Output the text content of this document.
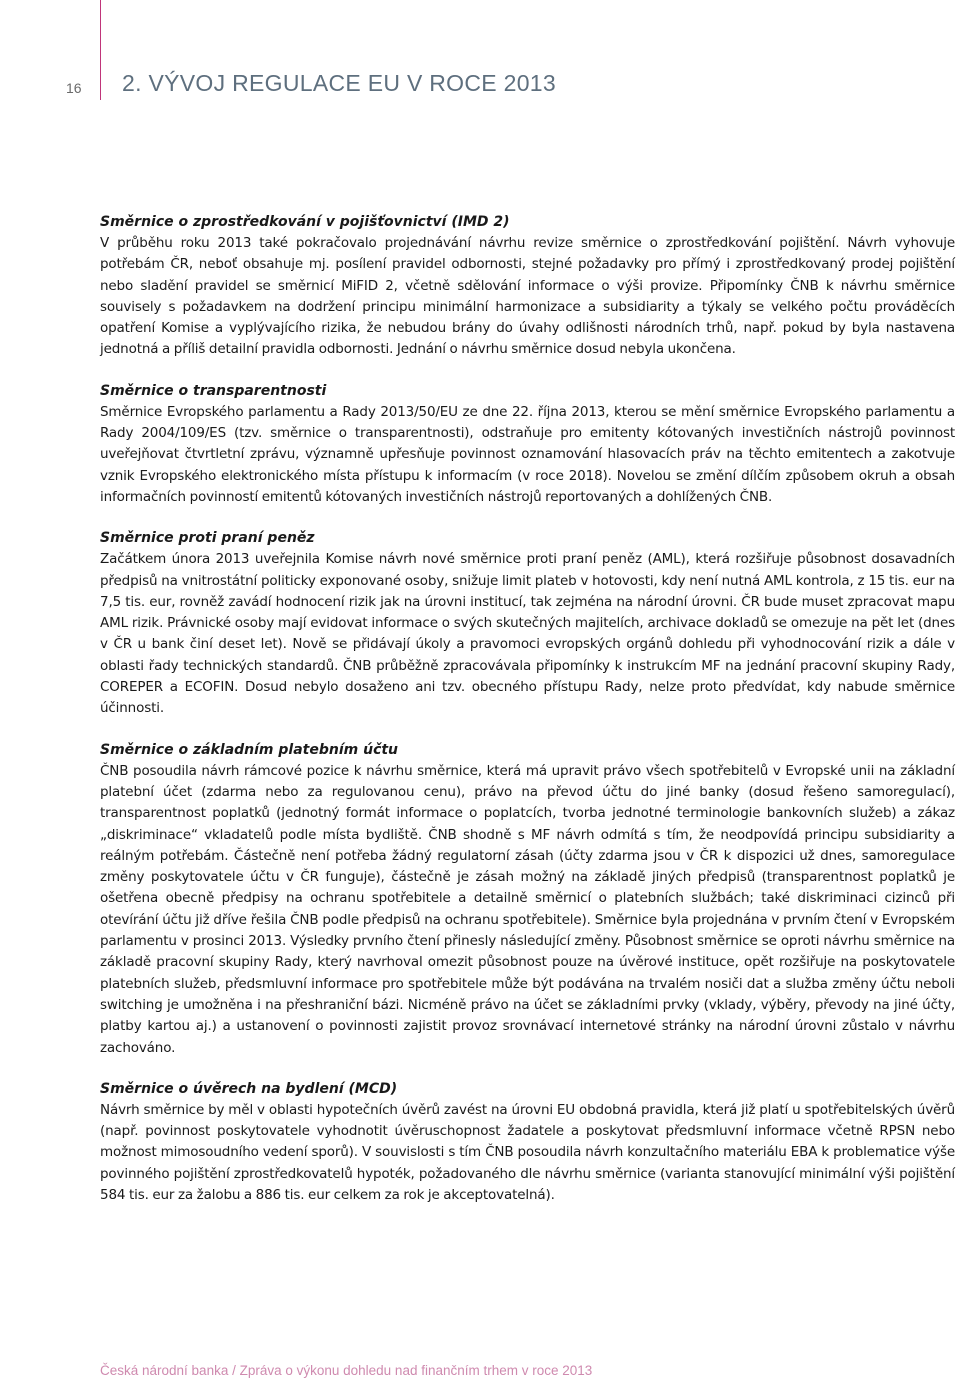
16 2. VÝVOJ REGULACE EU V ROCE 2013
Směrnice o zprostředkování v pojišťovnictví (IMD 2)

V průběhu roku 2013 také pokračovalo projednávání návrhu revize směrnice o zprostředkování pojištění. Návrh vyhovuje potřebám ČR, neboť obsahuje mj. posílení pravidel odbornosti, stejné požadavky pro přímý i zprostředkovaný prodej pojištění nebo sladění pravidel se směrnicí MiFID 2, včetně sdělování informace o výši provize. Připomínky ČNB k návrhu směrnice souvisely s požadavkem na dodržení principu minimální harmonizace a subsidiarity a týkaly se velkého počtu prováděcích opatření Komise a vyplývajícího rizika, že nebudou brány do úvahy odlišnosti národních trhů, např. pokud by byla nastavena jednotná a příliš detailní pravidla odbornosti. Jednání o návrhu směrnice dosud nebyla ukončena.

Směrnice o transparentnosti

Směrnice Evropského parlamentu a Rady 2013/50/EU ze dne 22. října 2013, kterou se mění směrnice Evropského parlamentu a Rady 2004/109/ES (tzv. směrnice o transparentnosti), odstraňuje pro emitenty kótovaných investičních nástrojů povinnost uveřejňovat čtvrtletní zprávu, významně upřesňuje povinnost oznamování hlasovacích práv na těchto emitentech a zakotvuje vznik Evropského elektronického místa přístupu k informacím (v roce 2018). Novelou se změní dílčím způsobem okruh a obsah informačních povinností emitentů kótovaných investičních nástrojů reportovaných a dohlížených ČNB.

Směrnice proti praní peněz

Začátkem února 2013 uveřejnila Komise návrh nové směrnice proti praní peněz (AML), která rozšiřuje působnost dosavadních předpisů na vnitrostátní politicky exponované osoby, snižuje limit plateb v hotovosti, kdy není nutná AML kontrola, z 15 tis. eur na 7,5 tis. eur, rovněž zavádí hodnocení rizik jak na úrovni institucí, tak zejména na národní úrovni. ČR bude muset zpracovat mapu AML rizik. Právnické osoby mají evidovat informace o svých skutečných majitelích, archivace dokladů se omezuje na pět let (dnes v ČR u bank činí deset let). Nově se přidávají úkoly a pravomoci evropských orgánů dohledu při vyhodnocování rizik a dále v oblasti řady technických standardů. ČNB průběžně zpracovávala připomínky k instrukcím MF na jednání pracovní skupiny Rady, COREPER a ECOFIN. Dosud nebylo dosaženo ani tzv. obecného přístupu Rady, nelze proto předvídat, kdy nabude směrnice účinnosti.

Směrnice o základním platebním účtu

ČNB posoudila návrh rámcové pozice k návrhu směrnice, která má upravit právo všech spotřebitelů v Evropské unii na základní platební účet (zdarma nebo za regulovanou cenu), právo na převod účtu do jiné banky (dosud řešeno samoregulací), transparentnost poplatků (jednotný formát informace o poplatcích, tvorba jednotné terminologie bankovních služeb) a zákaz „diskriminace“ vkladatelů podle místa bydliště. ČNB shodně s MF návrh odmítá s tím, že neodpovídá principu subsidiarity a reálným potřebám. Částečně není potřeba žádný regulatorní zásah (účty zdarma jsou v ČR k dispozici už dnes, samoregulace změny poskytovatele účtu v ČR funguje), částečně je zásah možný na základě jiných předpisů (transparentnost poplatků je ošetřena obecně předpisy na ochranu spotřebitele a detailně směrnicí o platebních službách; také diskriminaci cizinců při otevírání účtu již dříve řešila ČNB podle předpisů na ochranu spotřebitele). Směrnice byla projednána v prvním čtení v Evropském parlamentu v prosinci 2013. Výsledky prvního čtení přinesly následující změny. Působnost směrnice se oproti návrhu směrnice na základě pracovní skupiny Rady, který navrhoval omezit působnost pouze na úvěrové instituce, opět rozšiřuje na poskytovatele platebních služeb, předsmluvní informace pro spotřebitele může být podávána na trvalém nosiči dat a služba změny účtu neboli switching je umožněna i na přeshraniční bázi. Nicméně právo na účet se základními prvky (vklady, výběry, převody na jiné účty, platby kartou aj.) a ustanovení o povinnosti zajistit provoz srovnávací internetové stránky na národní úrovni zůstalo v návrhu zachováno.

Směrnice o úvěrech na bydlení (MCD)

Návrh směrnice by měl v oblasti hypotečních úvěrů zavést na úrovni EU obdobná pravidla, která již platí u spotřebitelských úvěrů (např. povinnost poskytovatele vyhodnotit úvěruschopnost žadatele a poskytovat předsmluvní informace včetně RPSN nebo možnost mimosoudního vedení sporů). V souvislosti s tím ČNB posoudila návrh konzultačního materiálu EBA k problematice výše povinného pojištění zprostředkovatelů hypoték, požadovaného dle návrhu směrnice (varianta stanovující minimální výši pojištění 584 tis. eur za žalobu a 886 tis. eur celkem za rok je akceptovatelná).

Česká národní banka / Zpráva o výkonu dohledu nad finančním trhem v roce 2013
